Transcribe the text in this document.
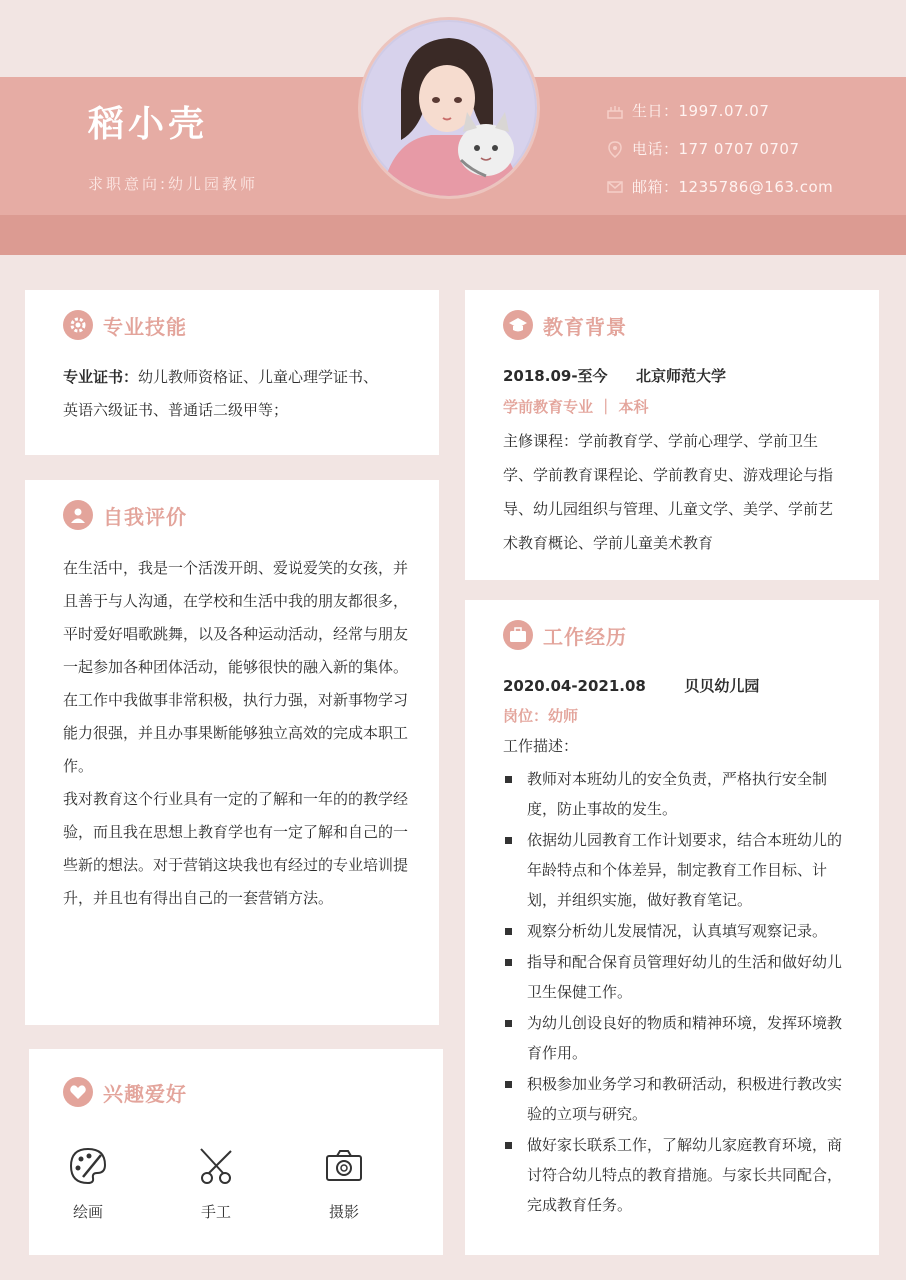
稻小壳
求职意向:幼儿园教师
生日：1997.07.07
电话：177 0707 0707
邮箱：1235786@163.com
专业技能
专业证书：幼儿教师资格证、儿童心理学证书、
英语六级证书、普通话二级甲等；
自我评价
在生活中，我是一个活泼开朗、爱说爱笑的女孩，并且善于与人沟通，在学校和生活中我的朋友都很多，平时爱好唱歌跳舞，以及各种运动活动，经常与朋友一起参加各种团体活动，能够很快的融入新的集体。
在工作中我做事非常积极，执行力强，对新事物学习能力很强，并且办事果断能够独立高效的完成本职工作。
我对教育这个行业具有一定的了解和一年的的教学经验，而且我在思想上教育学也有一定了解和自己的一些新的想法。对于营销这块我也有经过的专业培训提升，并且也有得出自己的一套营销方法。
兴趣爱好
绘画	手工	摄影
教育背景
2018.09-至今 北京师范大学
学前教育专业 ｜ 本科
主修课程：学前教育学、学前心理学、学前卫生学、学前教育课程论、学前教育史、游戏理论与指导、幼儿园组织与管理、儿童文学、美学、学前艺术教育概论、学前儿童美术教育
工作经历
2020.04-2021.08	贝贝幼儿园
岗位：幼师
工作描述：
教师对本班幼儿的安全负责，严格执行安全制度，防止事故的发生。
依据幼儿园教育工作计划要求，结合本班幼儿的年龄特点和个体差异，制定教育工作目标、计划，并组织实施，做好教育笔记。
观察分析幼儿发展情况，认真填写观察记录。
指导和配合保育员管理好幼儿的生活和做好幼儿卫生保健工作。
为幼儿创设良好的物质和精神环境，发挥环境教育作用。
积极参加业务学习和教研活动，积极进行教改实验的立项与研究。
做好家长联系工作，了解幼儿家庭教育环境，商讨符合幼儿特点的教育措施。与家长共同配合，完成教育任务。
